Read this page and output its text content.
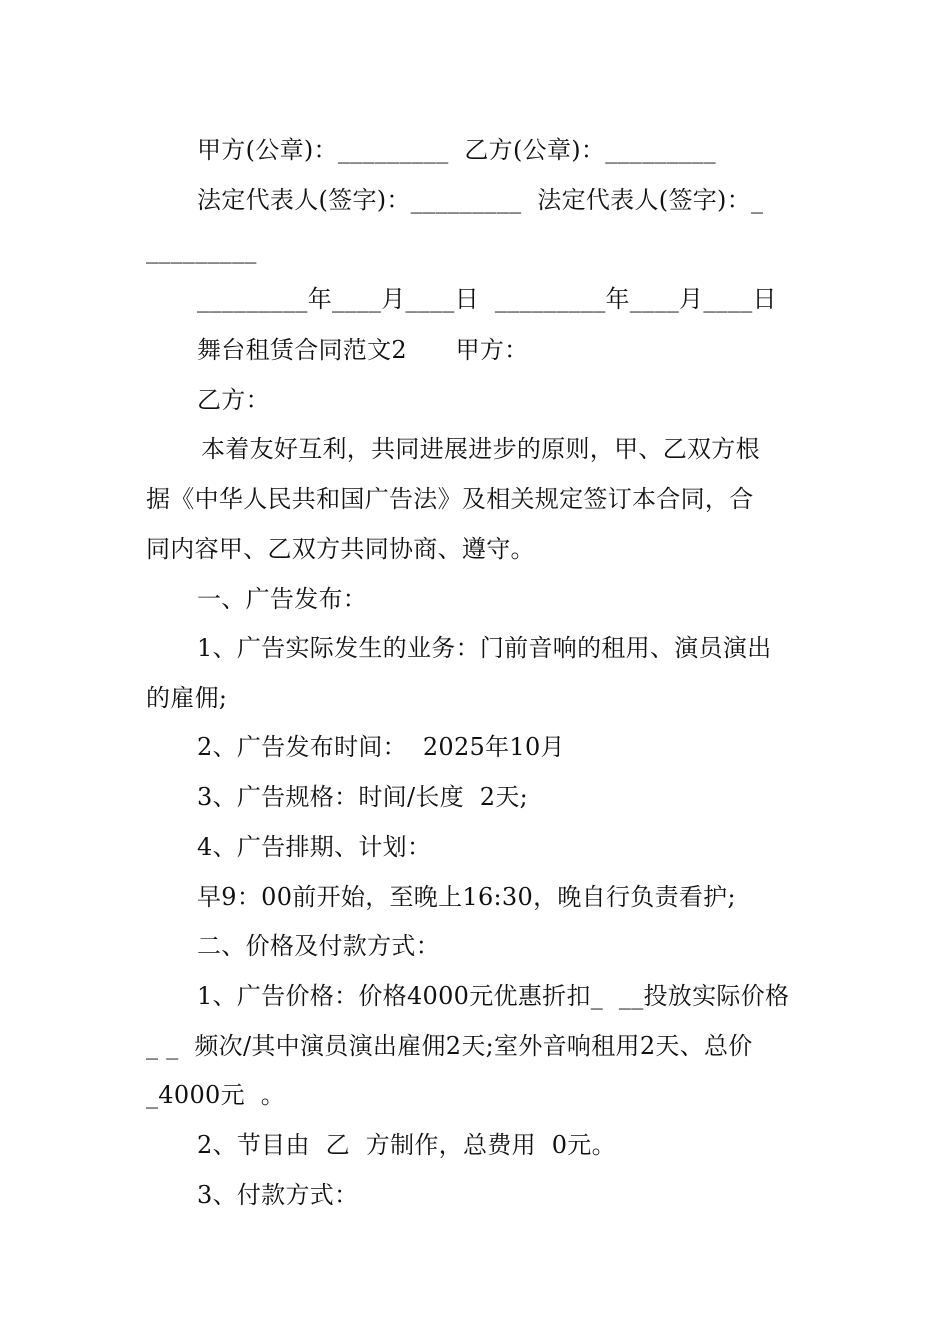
甲方(公章)：_________  乙方(公章)：_________
法定代表人(签字)：_________  法定代表人(签字)：_
_________
_________年____月____日  _________年____月____日
舞台租赁合同范文2　　甲方：
乙方：
本着友好互利，共同进展进步的原则，甲、乙双方根
据《中华人民共和国广告法》及相关规定签订本合同，合
同内容甲、乙双方共同协商、遵守。
一、广告发布：
1、广告实际发生的业务：门前音响的租用、演员演出
的雇佣;
2、广告发布时间：  2025年10月
3、广告规格：时间/长度  2天;
4、广告排期、计划：
早9：00前开始，至晚上16:30，晚自行负责看护;
二、价格及付款方式：
1、广告价格：价格4000元优惠折扣_  __投放实际价格
_ _  频次/其中演员演出雇佣2天;室外音响租用2天、总价
_4000元  。
2、节目由  乙  方制作，总费用  0元。
3、付款方式：
